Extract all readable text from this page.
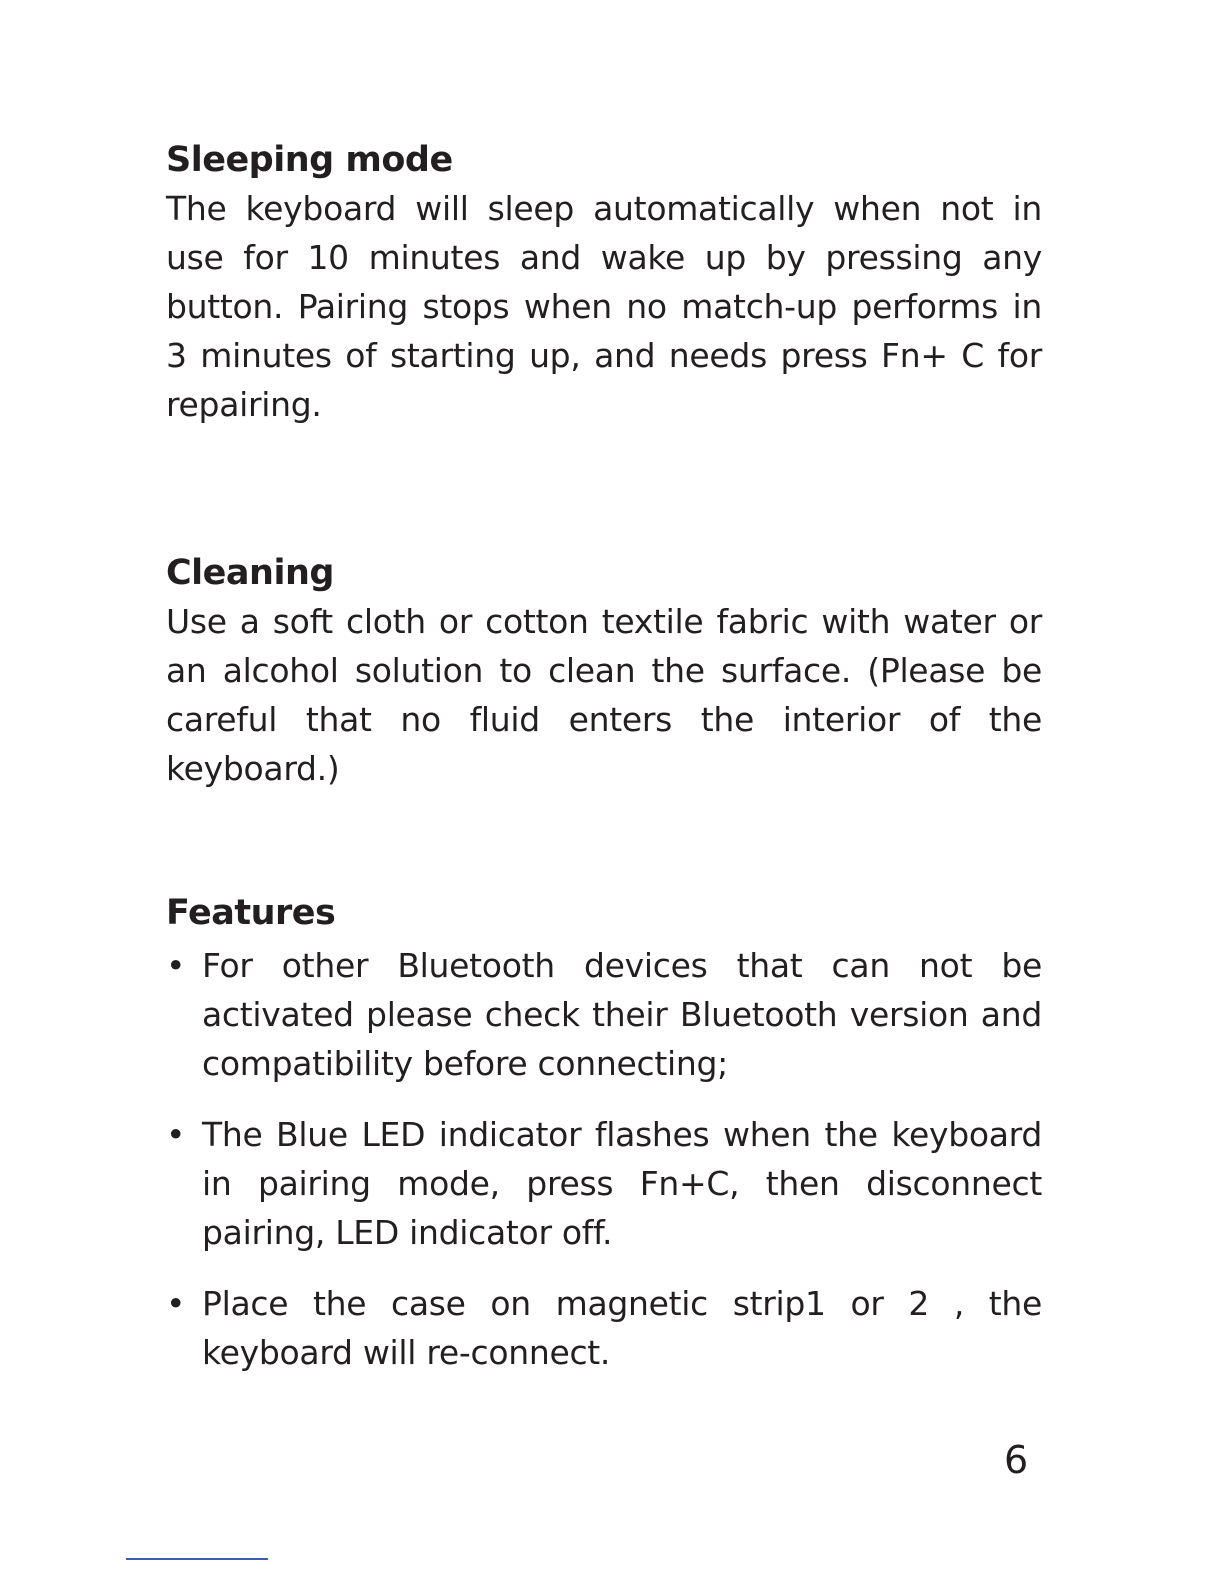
Sleeping mode

The keyboard will sleep automatically when not in use for 10 minutes and wake up by pressing any button. Pairing stops when no match-up performs in 3 minutes of starting up, and needs press Fn+ C for repairing.

Cleaning

Use a soft cloth or cotton textile fabric with water or an alcohol solution to clean the surface. (Please be careful that no fluid enters the interior of the keyboard.)

Features
• For other Bluetooth devices that can not be activated please check their Bluetooth version and compatibility before connecting;
• The Blue LED indicator flashes when the keyboard in pairing mode, press Fn+C, then disconnect pairing, LED indicator off.
• Place the case on magnetic strip1 or 2 , the keyboard will re-connect.
6
